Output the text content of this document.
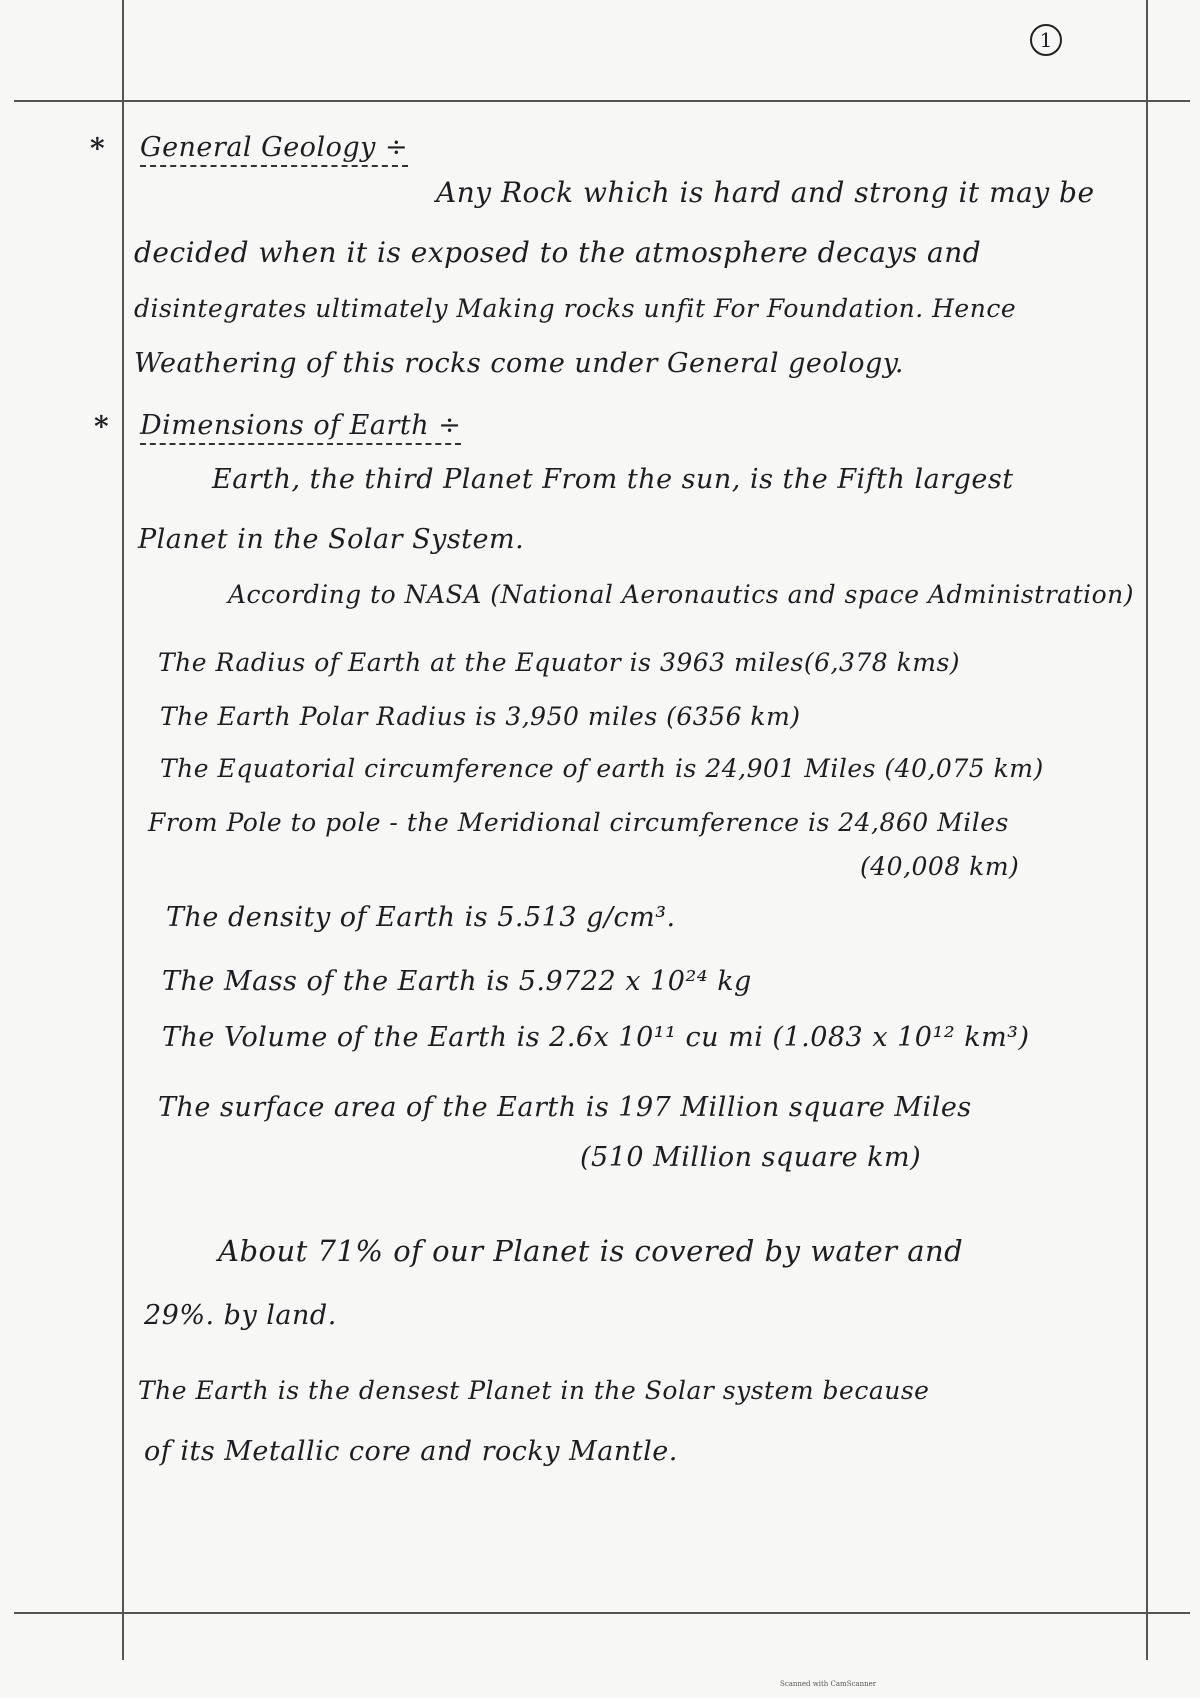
1
* General Geology ÷
Any Rock which is hard and strong it may be
decided when it is exposed to the atmosphere decays and
disintegrates ultimately Making rocks unfit For Foundation. Hence
Weathering of this rocks come under General geology.
* Dimensions of Earth ÷
Earth, the third Planet From the sun, is the Fifth largest
Planet in the Solar System.
According to NASA (National Aeronautics and space Administration)
The Radius of Earth at the Equator is 3963 miles(6,378 kms)
The Earth Polar Radius is 3,950 miles (6356 km)
The Equatorial circumference of earth is 24,901 Miles (40,075 km)
From Pole to pole - the Meridional circumference is 24,860 Miles
(40,008 km)
The density of Earth is 5.513 g/cm³.
The Mass of the Earth is 5.9722 x 10²⁴ kg
The Volume of the Earth is 2.6x 10¹¹ cu mi (1.083 x 10¹² km³)
The surface area of the Earth is 197 Million square Miles
(510 Million square km)
About 71% of our Planet is covered by water and
29%. by land.
The Earth is the densest Planet in the Solar system because
of its Metallic core and rocky Mantle.
Scanned with CamScanner
